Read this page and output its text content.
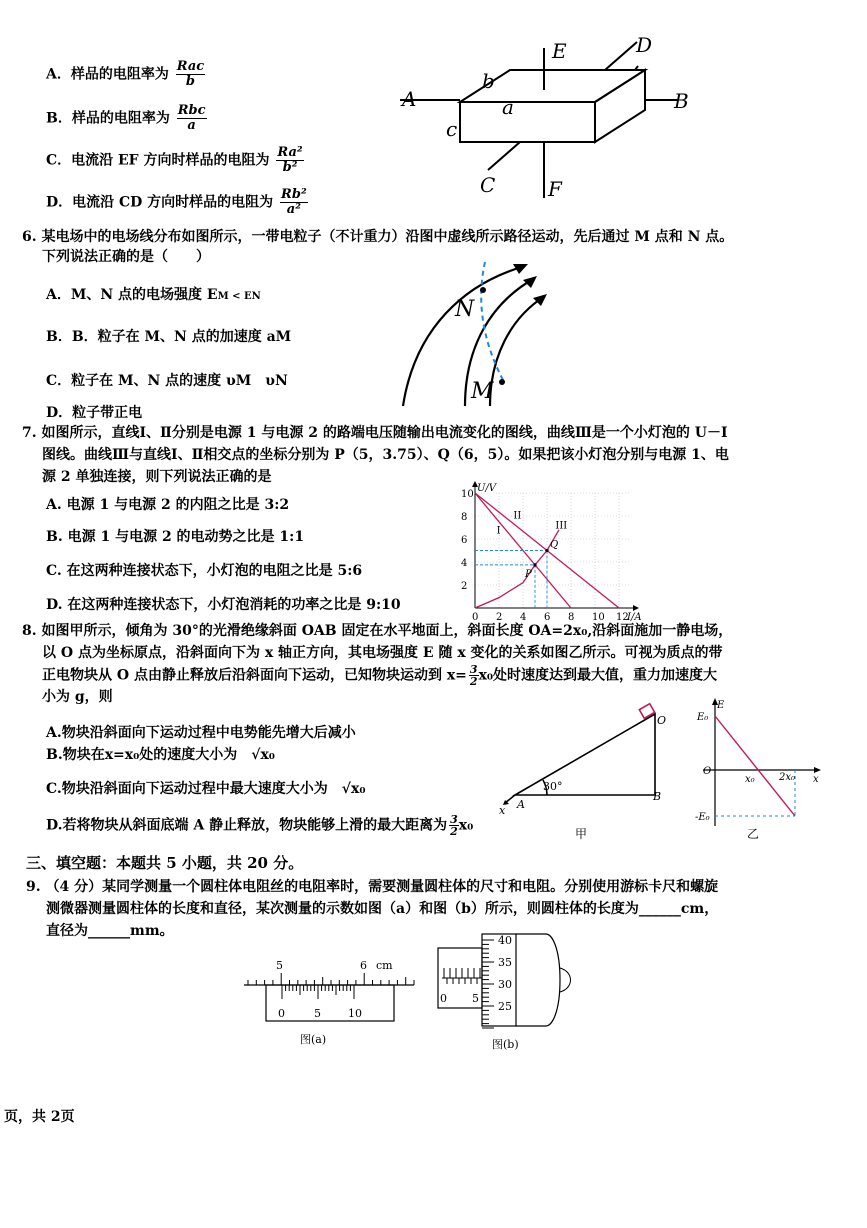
A．样品的电阻率为 $\frac{\text{Rac}}{b}$
B．样品的电阻率为 $\frac{\text{Rbc}}{a}$
C．电流沿 EF 方向时样品的电阻为 $\frac{\text{Ra²}}{\text{b²}}$
D．电流沿 CD 方向时样品的电阻为 $\frac{\text{Rb²}}{\text{a²}}$
A	B
C
D
E
F
a
b
c
6. 某电场中的电场线分布如图所示，一带电粒子（不计重力）沿图中虚线所示路径运动，先后通过 M 点和 N 点。
下列说法正确的是（　　）
A．M、N 点的电场强度 EM < EN
B．B．粒子在 M、N 点的加速度 aM
C．粒子在 M、N 点的速度 υM　υN
D．粒子带正电
N
M
7. 如图所示，直线Ⅰ、Ⅱ分别是电源 1 与电源 2 的路端电压随输出电流变化的图线，曲线Ⅲ是一个小灯泡的 U－I
图线。曲线Ⅲ与直线Ⅰ、Ⅱ相交点的坐标分别为 P（5，3.75）、Q（6，5）。如果把该小灯泡分别与电源 1、电
源 2 单独连接，则下列说法正确的是
A. 电源 1 与电源 2 的内阻之比是 3:2
B. 电源 1 与电源 2 的电动势之比是 1:1
C. 在这两种连接状态下，小灯泡的电阻之比是 5:6
D. 在这两种连接状态下，小灯泡消耗的功率之比是 9:10
10
8
6
4
2
0 2 4 6 8 10 12
U/V
I/A
P
Q
I
II
III
8. 如图甲所示，倾角为 30°的光滑绝缘斜面 OAB 固定在水平地面上，斜面长度 OA=2x₀,沿斜面施加一静电场，
以 O 点为坐标原点，沿斜面向下为 x 轴正方向，其电场强度 E 随 x 变化的关系如图乙所示。可视为质点的带
正电物块从 O 点由静止释放后沿斜面向下运动，已知物块运动到 $x= \frac{3}{2} x_0$处时速度达到最大值，重力加速度大
小为 g，则
A.物块沿斜面向下运动过程中电势能先增大后减小
B.物块在x=x₀处的速度大小为　√x₀
C.物块沿斜面向下运动过程中最大速度大小为　√x₀
D.若将物块从斜面底端 A 静止释放，物块能够上滑的最大距离为 $\frac{3}{2} x_0$
O
A
B
x
30°
甲
E
E₀
-E₀
O
x₀ 2x₀ x
乙
三、填空题：本题共 5 小题，共 20 分。
9. （4 分）某同学测量一个圆柱体电阻丝的电阻率时，需要测量圆柱体的尺寸和电阻。分别使用游标卡尺和螺旋
测微器测量圆柱体的长度和直径，某次测量的示数如图（a）和图（b）所示，则圆柱体的长度为______cm，
直径为______mm。
5	6 cm
0	5 10
图(a)
40
35
30
25
0 5
图(b)
页，共 2页
